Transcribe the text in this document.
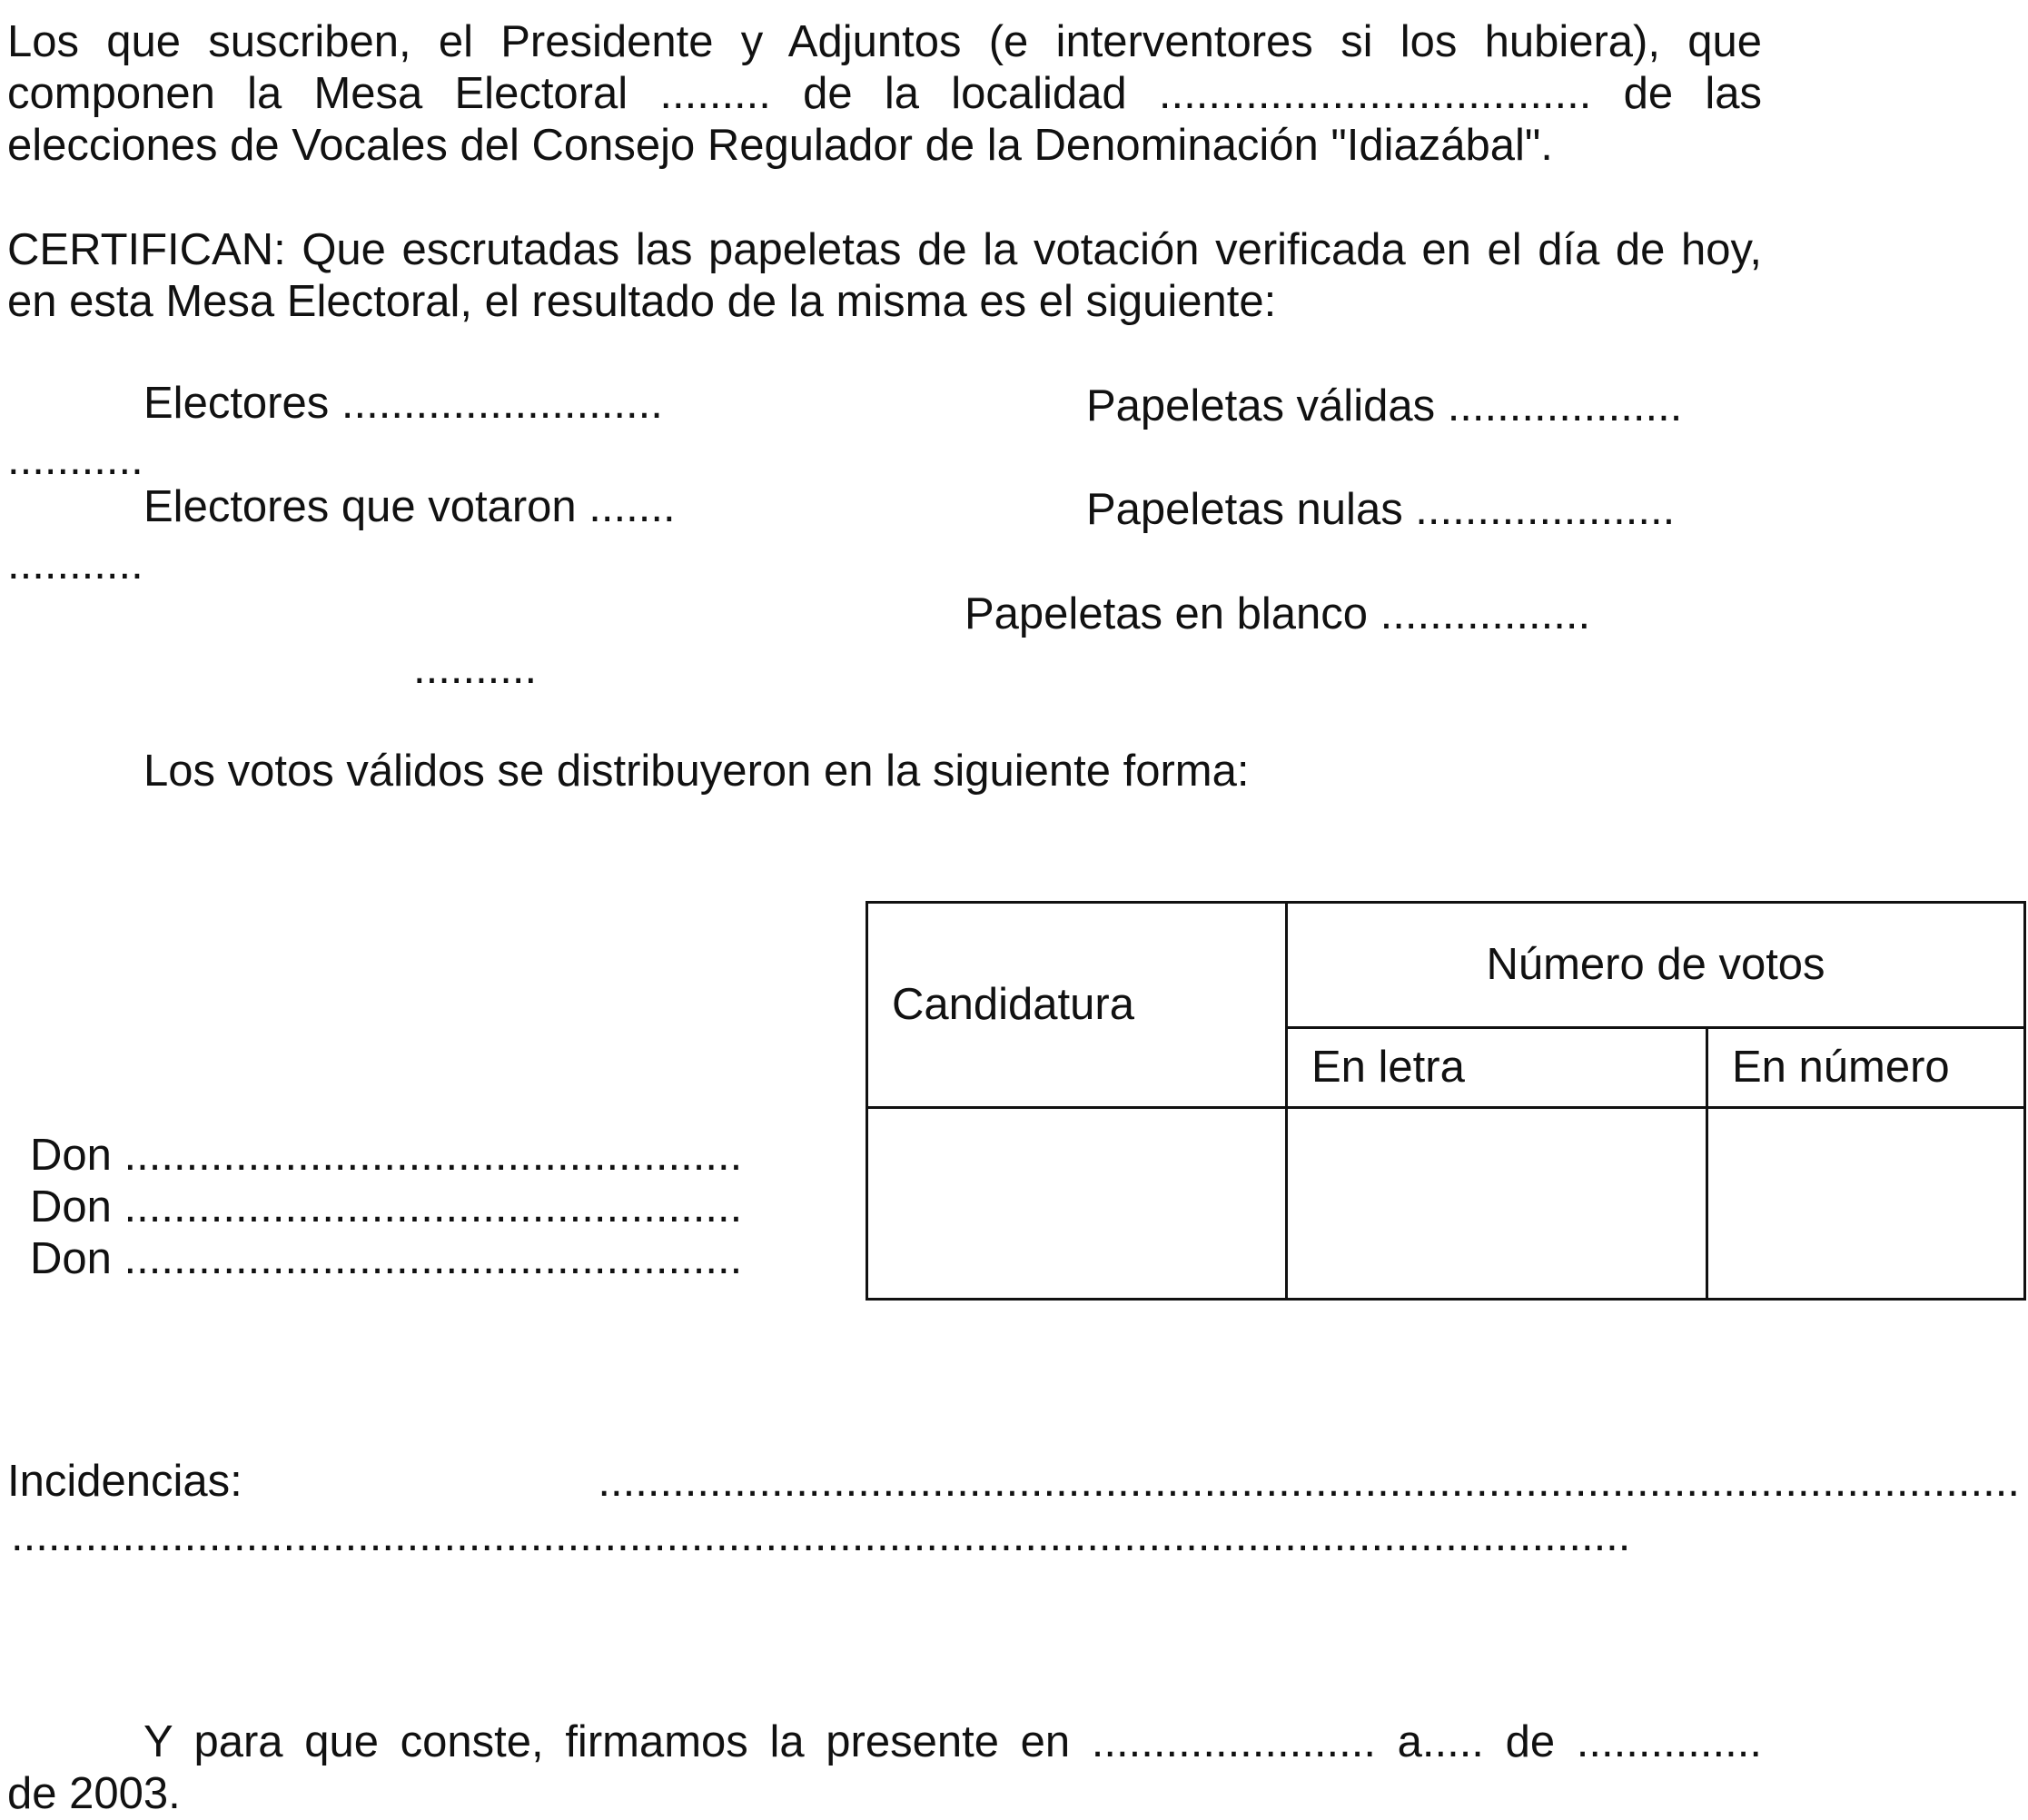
Los que suscriben, el Presidente y Adjuntos (e interventores si los hubiera), que
componen la Mesa Electoral ......... de la localidad ................................... de las
elecciones de Vocales del Consejo Regulador de la Denominación "Idiazábal".
CERTIFICAN: Que escrutadas las papeletas de la votación verificada en el día de hoy,
en esta Mesa Electoral, el resultado de la misma es el siguiente:
Electores ..........................	Papeletas válidas ...................
...........
Electores que votaron .......	Papeletas nulas .....................
...........
Papeletas en blanco .................
..........
Los votos válidos se distribuyeron en la siguiente forma:
Candidatura	Número de votos	
	En letra	En número

Don ..................................................
Don ..................................................
Don ..................................................
Incidencias: ...................................................................................................................
...................................................................................................................................
Y para que conste, firmamos la presente en ....................... a..... de ...............
de 2003.
